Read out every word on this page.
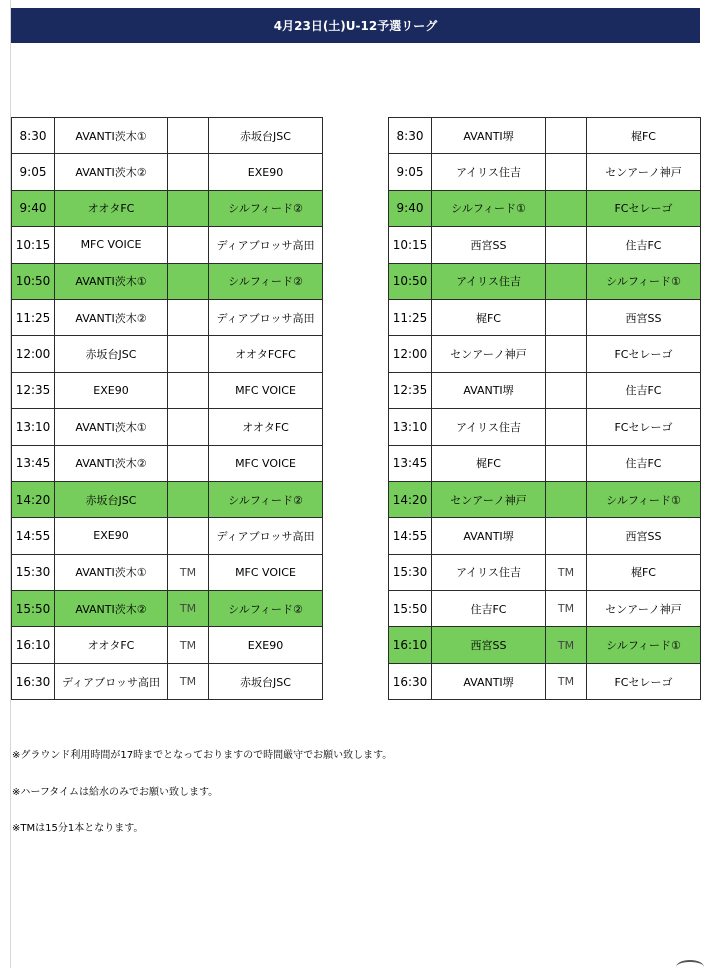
4月23日(土)U-12予選リーグ
8:30	AVANTI茨木①		赤坂台JSC
9:05	AVANTI茨木②		EXE90
9:40	オオタFC		シルフィード②
10:15	MFC VOICE		ディアブロッサ高田
10:50	AVANTI茨木①		シルフィード②
11:25	AVANTI茨木②		ディアブロッサ高田
12:00	赤坂台JSC		オオタFCFC
12:35	EXE90		MFC VOICE
13:10	AVANTI茨木①		オオタFC
13:45	AVANTI茨木②		MFC VOICE
14:20	赤坂台JSC		シルフィード②
14:55	EXE90		ディアブロッサ高田
15:30	AVANTI茨木①	TM	MFC VOICE
15:50	AVANTI茨木②	TM	シルフィード②
16:10	オオタFC	TM	EXE90
16:30	ディアブロッサ高田	TM	赤坂台JSC
8:30	AVANTI堺		梶FC
9:05	アイリス住吉		センアーノ神戸
9:40	シルフィード①		FCセレーゴ
10:15	西宮SS		住吉FC
10:50	アイリス住吉		シルフィード①
11:25	梶FC		西宮SS
12:00	センアーノ神戸		FCセレーゴ
12:35	AVANTI堺		住吉FC
13:10	アイリス住吉		FCセレーゴ
13:45	梶FC		住吉FC
14:20	センアーノ神戸		シルフィード①
14:55	AVANTI堺		西宮SS
15:30	アイリス住吉	TM	梶FC
15:50	住吉FC	TM	センアーノ神戸
16:10	西宮SS	TM	シルフィード①
16:30	AVANTI堺	TM	FCセレーゴ

※グラウンド利用時間が17時までとなっておりますので時間厳守でお願い致します。

※ハーフタイムは給水のみでお願い致します。

※TMは15分1本となります。
